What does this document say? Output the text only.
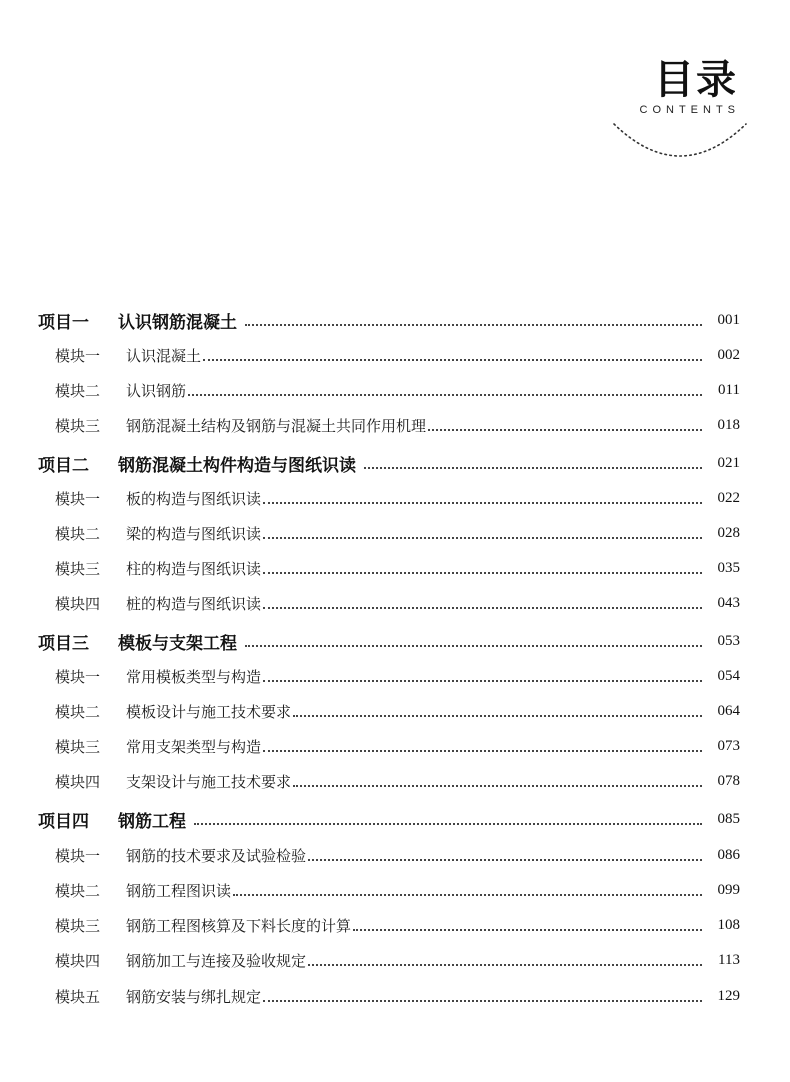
目录
CONTENTS
项目一	认识钢筋混凝土	001
模块一	认识混凝土	002
模块二	认识钢筋	011
模块三	钢筋混凝土结构及钢筋与混凝土共同作用机理	018
项目二	钢筋混凝土构件构造与图纸识读	021
模块一	板的构造与图纸识读	022
模块二	梁的构造与图纸识读	028
模块三	柱的构造与图纸识读	035
模块四	桩的构造与图纸识读	043
项目三	模板与支架工程	053
模块一	常用模板类型与构造	054
模块二	模板设计与施工技术要求	064
模块三	常用支架类型与构造	073
模块四	支架设计与施工技术要求	078
项目四	钢筋工程	085
模块一	钢筋的技术要求及试验检验	086
模块二	钢筋工程图识读	099
模块三	钢筋工程图核算及下料长度的计算	108
模块四	钢筋加工与连接及验收规定	113
模块五	钢筋安装与绑扎规定	129
